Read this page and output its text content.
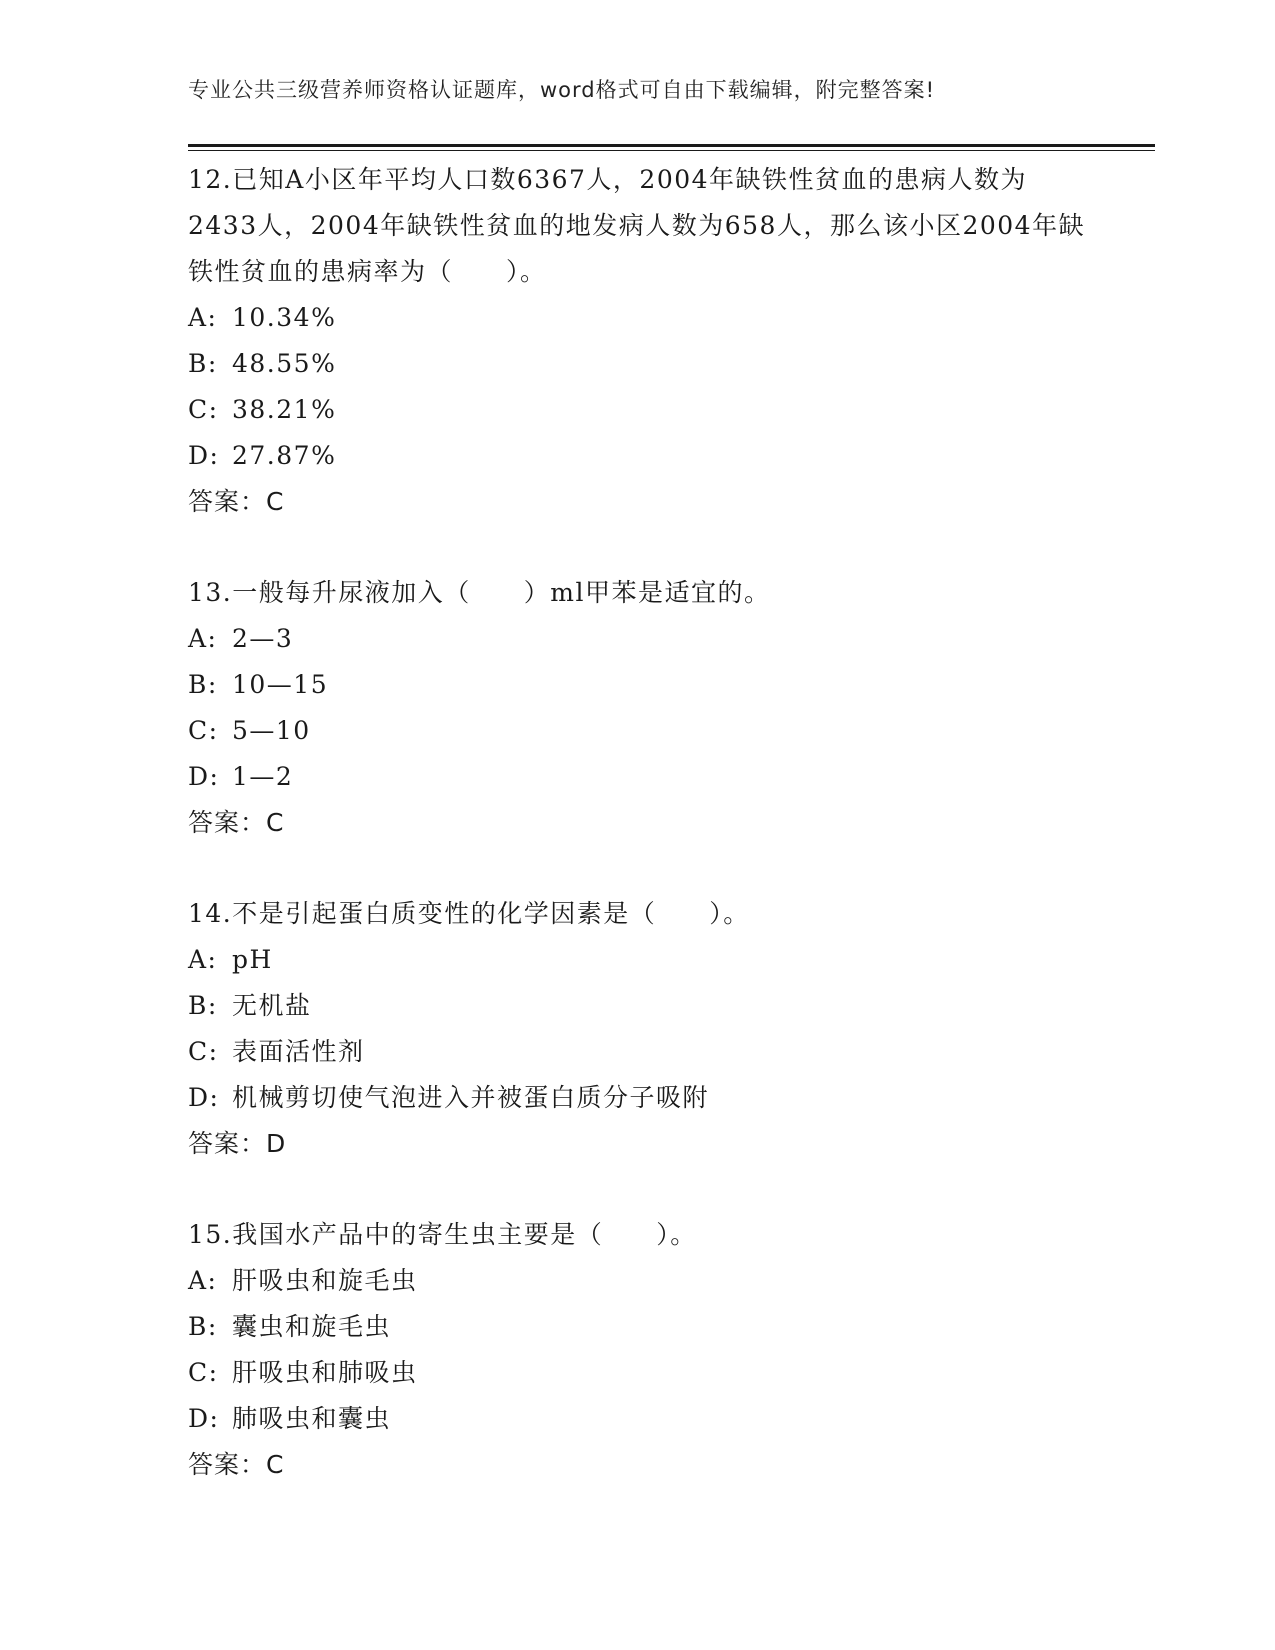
专业公共三级营养师资格认证题库，word格式可自由下载编辑，附完整答案!
12.已知A小区年平均人口数6367人，2004年缺铁性贫血的患病人数为2433人，2004年缺铁性贫血的地发病人数为658人，那么该小区2004年缺铁性贫血的患病率为（　　）。
A: 10.34%
B: 48.55%
C: 38.21%
D: 27.87%
答案：C
13.一般每升尿液加入（　　）ml甲苯是适宜的。
A: 2—3
B: 10—15
C: 5—10
D: 1—2
答案：C
14.不是引起蛋白质变性的化学因素是（　　）。
A: pH
B: 无机盐
C: 表面活性剂
D: 机械剪切使气泡进入并被蛋白质分子吸附
答案：D
15.我国水产品中的寄生虫主要是（　　）。
A: 肝吸虫和旋毛虫
B: 囊虫和旋毛虫
C: 肝吸虫和肺吸虫
D: 肺吸虫和囊虫
答案：C
